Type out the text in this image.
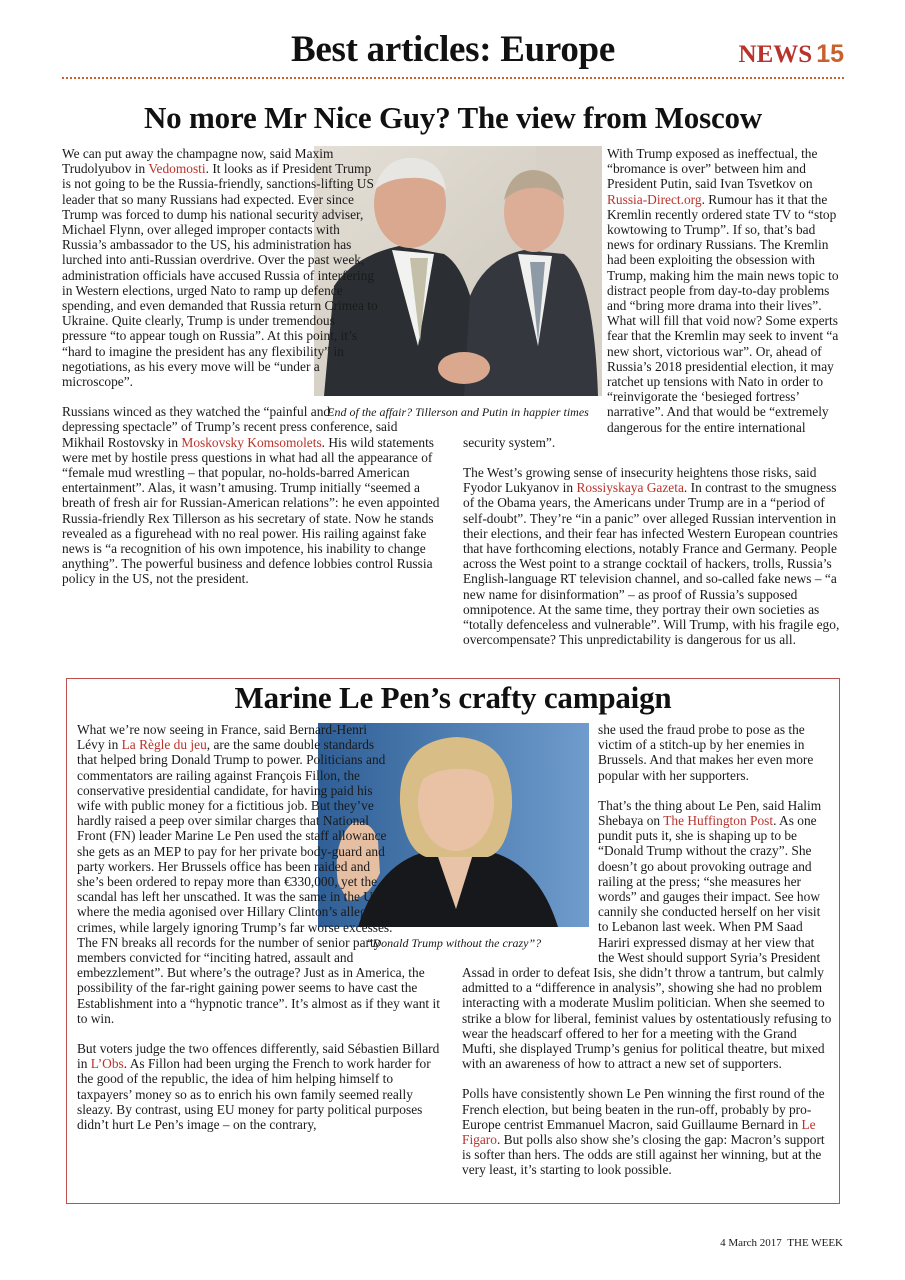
Best articles: Europe	NEWS 15
No more Mr Nice Guy? The view from Moscow
End of the affair? Tillerson and Putin in happier times

We can put away the champagne now, said Maxim Trudolyubov in Vedomosti. It looks as if President Trump is not going to be the Russia-friendly, sanctions-lifting US leader that so many Russians had expected. Ever since Trump was forced to dump his national security adviser, Michael Flynn, over alleged improper contacts with Russia’s ambassador to the US, his administration has lurched into anti-Russian overdrive. Over the past week, administration officials have accused Russia of interfering in Western elections, urged Nato to ramp up defence spending, and even demanded that Russia return Crimea to Ukraine. Quite clearly, Trump is under tremendous pressure “to appear tough on Russia”. At this point, it’s “hard to imagine the president has any flexibility” in negotiations, as his every move will be “under a microscope”.

Russians winced as they watched the “painful and depressing spectacle” of Trump’s recent press conference, said Mikhail Rostovsky in Moskovsky Komsomolets. His wild statements were met by hostile press questions in what had all the appearance of “female mud wrestling – that popular, no-holds-barred American entertainment”. Alas, it wasn’t amusing. Trump initially “seemed a breath of fresh air for Russian-American relations”: he even appointed Russia-friendly Rex Tillerson as his secretary of state. Now he stands revealed as a figurehead with no real power. His railing against fake news is “a recognition of his own impotence, his inability to change anything”. The powerful business and defence lobbies control Russia policy in the US, not the president.

With Trump exposed as ineffectual, the “bromance is over” between him and President Putin, said Ivan Tsvetkov on Russia-Direct.org. Rumour has it that the Kremlin recently ordered state TV to “stop kowtowing to Trump”. If so, that’s bad news for ordinary Russians. The Kremlin had been exploiting the obsession with Trump, making him the main news topic to distract people from day-to-day problems and “bring more drama into their lives”. What will fill that void now? Some experts fear that the Kremlin may seek to invent “a new short, victorious war”. Or, ahead of Russia’s 2018 presidential election, it may ratchet up tensions with Nato in order to “reinvigorate the ‘besieged fortress’ narrative”. And that would be “extremely dangerous for the entire international security system”.

The West’s growing sense of insecurity heightens those risks, said Fyodor Lukyanov in Rossiyskaya Gazeta. In contrast to the smugness of the Obama years, the Americans under Trump are in a “period of self-doubt”. They’re “in a panic” over alleged Russian intervention in their elections, and their fear has infected Western European countries that have forthcoming elections, notably France and Germany. People across the West point to a strange cocktail of hackers, trolls, Russia’s English-language RT television channel, and so-called fake news – “a new name for disinformation” – as proof of Russia’s supposed omnipotence. At the same time, they portray their own societies as “totally defenceless and vulnerable”. Will Trump, with his fragile ego, overcompensate? This unpredictability is dangerous for us all.

Marine Le Pen’s crafty campaign
“Donald Trump without the crazy”?

What we’re now seeing in France, said Bernard-Henri Lévy in La Règle du jeu, are the same double standards that helped bring Donald Trump to power. Politicians and commentators are railing against François Fillon, the conservative presidential candidate, for having paid his wife with public money for a fictitious job. But they’ve hardly raised a peep over similar charges that National Front (FN) leader Marine Le Pen used the staff allowance she gets as an MEP to pay for her private body-guard and party workers. Her Brussels office has been raided and she’s been ordered to repay more than €330,000, yet the scandal has left her unscathed. It was the same in the US, where the media agonised over Hillary Clinton’s alleged crimes, while largely ignoring Trump’s far worse excesses. The FN breaks all records for the number of senior party members convicted for “inciting hatred, assault and embezzlement”. But where’s the outrage? Just as in America, the possibility of the far-right gaining power seems to have cast the Establishment into a “hypnotic trance”. It’s almost as if they want it to win.

But voters judge the two offences differently, said Sébastien Billard in L’Obs. As Fillon had been urging the French to work harder for the good of the republic, the idea of him helping himself to taxpayers’ money so as to enrich his own family seemed really sleazy. By contrast, using EU money for party political purposes didn’t hurt Le Pen’s image – on the contrary,

she used the fraud probe to pose as the victim of a stitch-up by her enemies in Brussels. And that makes her even more popular with her supporters.

That’s the thing about Le Pen, said Halim Shebaya on The Huffington Post. As one pundit puts it, she is shaping up to be “Donald Trump without the crazy”. She doesn’t go about provoking outrage and railing at the press; “she measures her words” and gauges their impact. See how cannily she conducted herself on her visit to Lebanon last week. When PM Saad Hariri expressed dismay at her view that the West should support Syria’s President Assad in order to defeat Isis, she didn’t throw a tantrum, but calmly admitted to a “difference in analysis”, showing she had no problem interacting with a moderate Muslim politician. When she seemed to strike a blow for liberal, feminist values by ostentatiously refusing to wear the headscarf offered to her for a meeting with the Grand Mufti, she displayed Trump’s genius for political theatre, but mixed with an awareness of how to attract a new set of supporters.

Polls have consistently shown Le Pen winning the first round of the French election, but being beaten in the run-off, probably by pro-Europe centrist Emmanuel Macron, said Guillaume Bernard in Le Figaro. But polls also show she’s closing the gap: Macron’s support is softer than hers. The odds are still against her winning, but at the very least, it’s starting to look possible.

4 March 2017 THE WEEK
